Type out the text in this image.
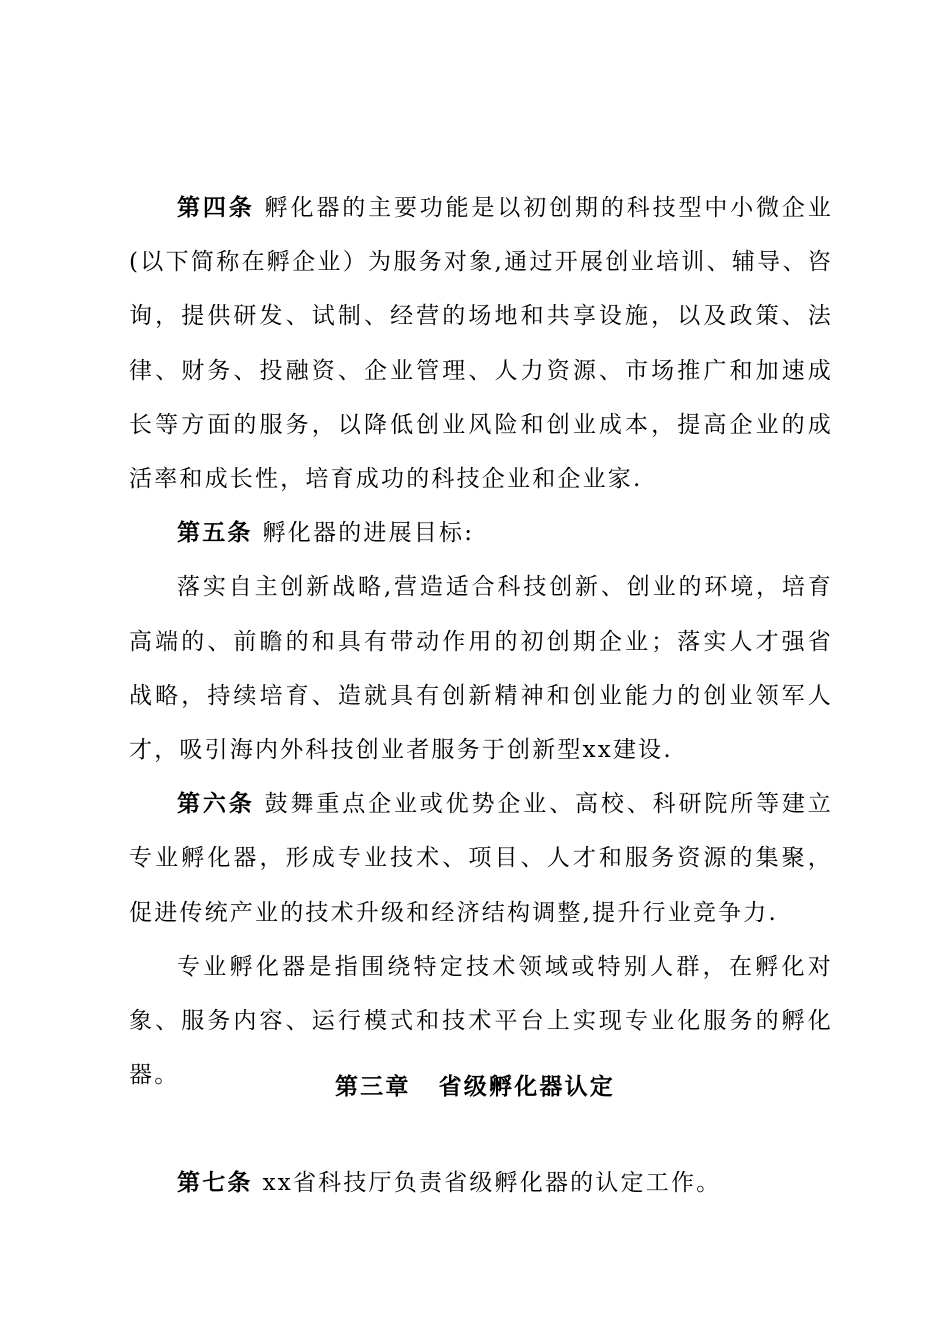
第四条 孵化器的主要功能是以初创期的科技型中小微企业(以下简称在孵企业）为服务对象,通过开展创业培训、辅导、咨询，提供研发、试制、经营的场地和共享设施，以及政策、法律、财务、投融资、企业管理、人力资源、市场推广和加速成长等方面的服务，以降低创业风险和创业成本，提高企业的成活率和成长性，培育成功的科技企业和企业家.

第五条 孵化器的进展目标:

落实自主创新战略,营造适合科技创新、创业的环境，培育高端的、前瞻的和具有带动作用的初创期企业；落实人才强省战略，持续培育、造就具有创新精神和创业能力的创业领军人才，吸引海内外科技创业者服务于创新型xx建设.

第六条 鼓舞重点企业或优势企业、高校、科研院所等建立专业孵化器，形成专业技术、项目、人才和服务资源的集聚，促进传统产业的技术升级和经济结构调整,提升行业竞争力.

专业孵化器是指围绕特定技术领域或特别人群，在孵化对象、服务内容、运行模式和技术平台上实现专业化服务的孵化器。	第三章 省级孵化器认定

第七条 xx省科技厅负责省级孵化器的认定工作。
